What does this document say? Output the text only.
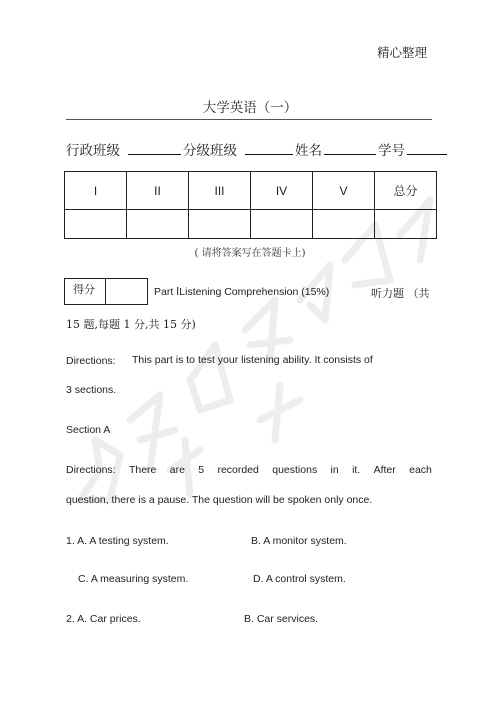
精心整理
大学英语（一）
行政班级	分级班级	姓名	学号
I	II	III	IV	V	总分

( 请将答案写在答题卡上)
得分	Part ⅠListening Comprehension (15%)	听力题 （共
15 题,每题 1 分,共 15 分)
Directions: This part is to test your listening ability. It consists of
3 sections.
Section A
Directions: There are 5 recorded questions in it. After each
question, there is a pause. The question will be spoken only once.
1. A. A testing system.	B. A monitor system.
C. A measuring system.	D. A control system.
2. A. Car prices.	B. Car services.
